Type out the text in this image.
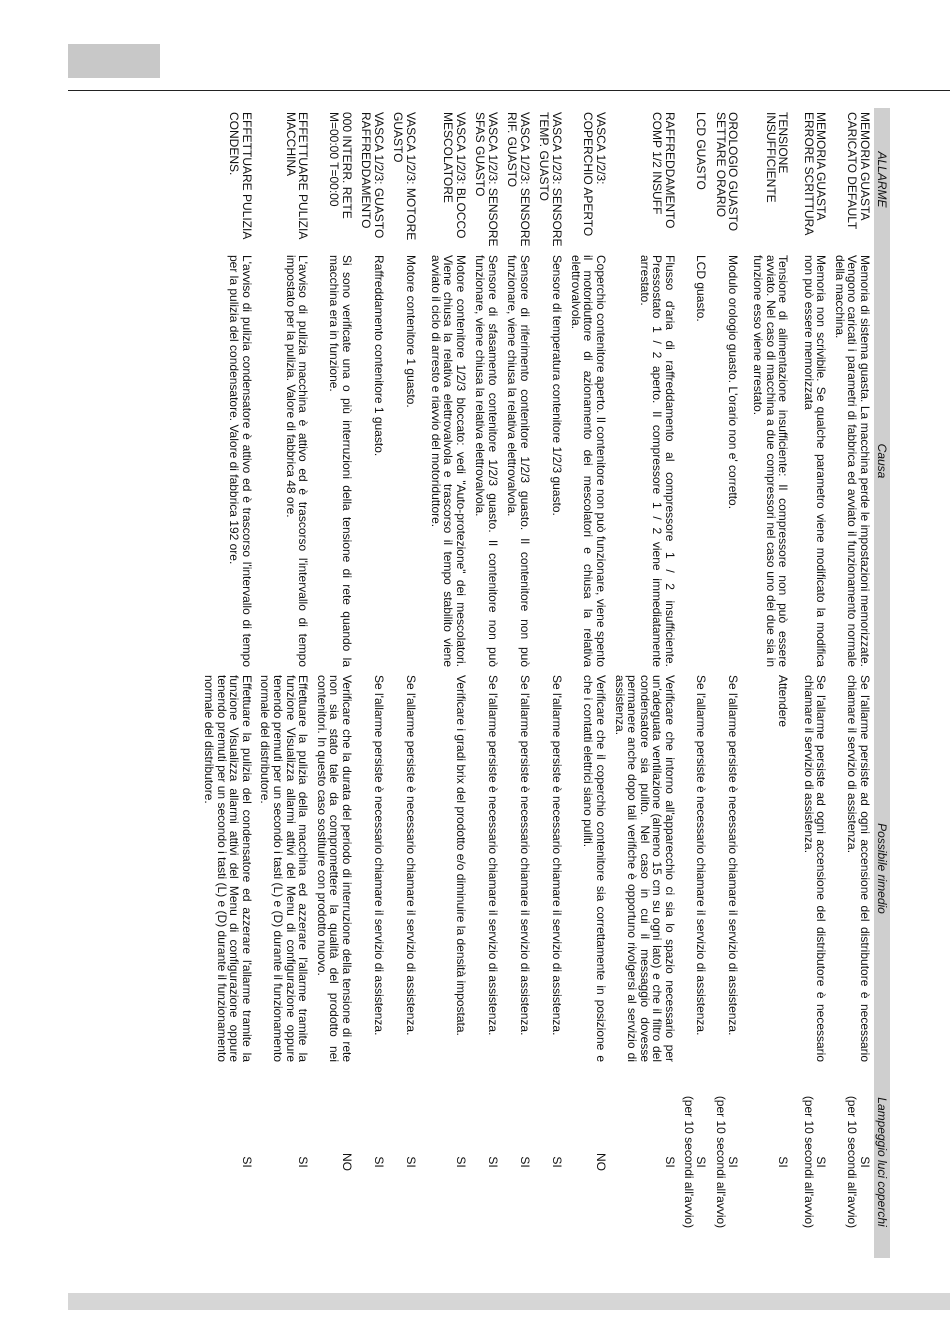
ALLARME	Causa	Possibile rimedio	Lampeggio luci coperchi
MEMORIA GUASTA CARICATO DEFAULT	Memoria di sistema guasta. La macchina perde le impostazioni memorizzate. Vengono caricati i parametri di fabbrica ed avviato il funzionamento normale della macchina.	Se l'allarme persiste ad ogni accensione del distributore è necessario chiamare il servizio di assistenza.	SI
(per 10 secondi all'avvio)

MEMORIA GUASTA ERRORE SCRITTURA	Memoria non scrivibile. Se qualche parametro viene modificato la modifica non può essere memorizzata	Se l'allarme persiste ad ogni accensione del distributore è necessario chiamare il servizio di assistenza.	SI
(per 10 secondi all'avvio)

TENSIONE INSUFFICIENTE	Tensione di alimentazione insufficiente: Il compressore non può essere avviato. Nel caso di macchina a due compressori nel caso uno dei due sia in funzione esso viene arrestato.	Attendere	SI

OROLOGIO GUASTO SETTARE ORARIO	Modulo orologio guasto. L'orario non e' corretto.	Se l'allarme persiste è necessario chiamare il servizio di assistenza.	SI
(per 10 secondi all'avvio)

LCD GUASTO	LCD guasto.	Se l'allarme persiste è necessario chiamare il servizio di assistenza.	SI
(per 10 secondi all'avvio)

RAFFREDDAMENTO COMP 1/2 INSUFF	Flusso d'aria di raffreddamento al compressore 1 / 2 insufficiente. Pressostato 1 / 2 aperto. Il compressore 1 / 2 viene immediatamente arrestato.	Verificare che intorno all'apparecchio ci sia lo spazio necessario per un'adeguata ventilazione (almeno 15 cm su ogni lato) e che il filtro del condensatore sia pulito. Nel caso in cui il messaggio dovesse permanere anche dopo tali verifiche è opportuno rivolgersi al servizio di assistenza.	SI

VASCA 1/2/3: COPERCHIO APERTO	Coperchio contenitore aperto. Il contenitore non può funzionare, viene spento il motoriduttore di azionamento dei mescolatori e chiusa la relativa elettrovalvola.	Verificare che il coperchio contenitore sia correttamente in posizione e che i contatti elettrici siano puliti.	NO

VASCA 1/2/3: SENSORE TEMP. GUASTO	Sensore di temperatura contenitore 1/2/3 guasto.	Se l'allarme persiste è necessario chiamare il servizio di assistenza.	SI

VASCA 1/2/3: SENSORE RIF. GUASTO	Sensore di riferimento contenitore 1/2/3 guasto. Il contenitore non può funzionare, viene chiusa la relativa elettrovalvola.	Se l'allarme persiste è necessario chiamare il servizio di assistenza.	SI

VASCA 1/2/3: SENSORE SFAS GUASTO	Sensore di sfasamento contenitore 1/2/3 guasto. Il contenitore non può funzionare, viene chiusa la relativa elettrovalvola.	Se l'allarme persiste è necessario chiamare il servizio di assistenza.	SI

VASCA 1/2/3: BLOCCO MESCOLATORE	Motore contenitore 1/2/3 bloccato: vedi "Auto-protezione" dei mescolatori. Viene chiusa la relativa elettrovalvola e trascorso il tempo stabilito viene avviato il ciclo di arresto e riavvio del motoriduttore.	Verificare i gradi brix del prodotto e/o diminuire la densità impostata.	SI

VASCA 1/2/3: MOTORE GUASTO	Motore contenitore 1 guasto.	Se l'allarme persiste è necessario chiamare il servizio di assistenza.	SI

VASCA 1/2/3: GUASTO RAFFREDDAMENTO	Raffreddamento contenitore 1 guasto.	Se l'allarme persiste è necessario chiamare il servizio di assistenza.	SI

000 INTERR. RETE M=00:00 T=00:00	Si sono verificate una o più interruzioni della tensione di rete quando la macchina era in funzione.	Verificare che la durata del periodo di interruzione della tensione di rete non sia stato tale da compromettere la qualità del prodotto nei contenitori. In questo caso sostituire con prodotto nuovo.	NO

EFFETTUARE PULIZIA MACCHINA	L'avviso di pulizia macchina è attivo ed è trascorso l'intervallo di tempo impostato per la pulizia. Valore di fabbrica 48 ore.	Effettuare la pulizia della macchina ed azzerare l'allarme tramite la funzione Visualizza allarmi attivi del Menu di configurazione oppure tenendo premuti per un secondo i tasti (L) e (D) durante il funzionamento normale del distributore.	SI

EFFETTUARE PULIZIA CONDENS.	L'avviso di pulizia condensatore è attivo ed è trascorso l'intervallo di tempo per la pulizia del condensatore. Valore di fabbrica 192 ore.	Effettuare la pulizia del condensatore ed azzerare l'allarme tramite la funzione Visualizza allarmi attivi del Menu di configurazione oppure tenendo premuti per un secondo i tasti (L) e (D) durante il funzionamento normale del distributore.	SI
